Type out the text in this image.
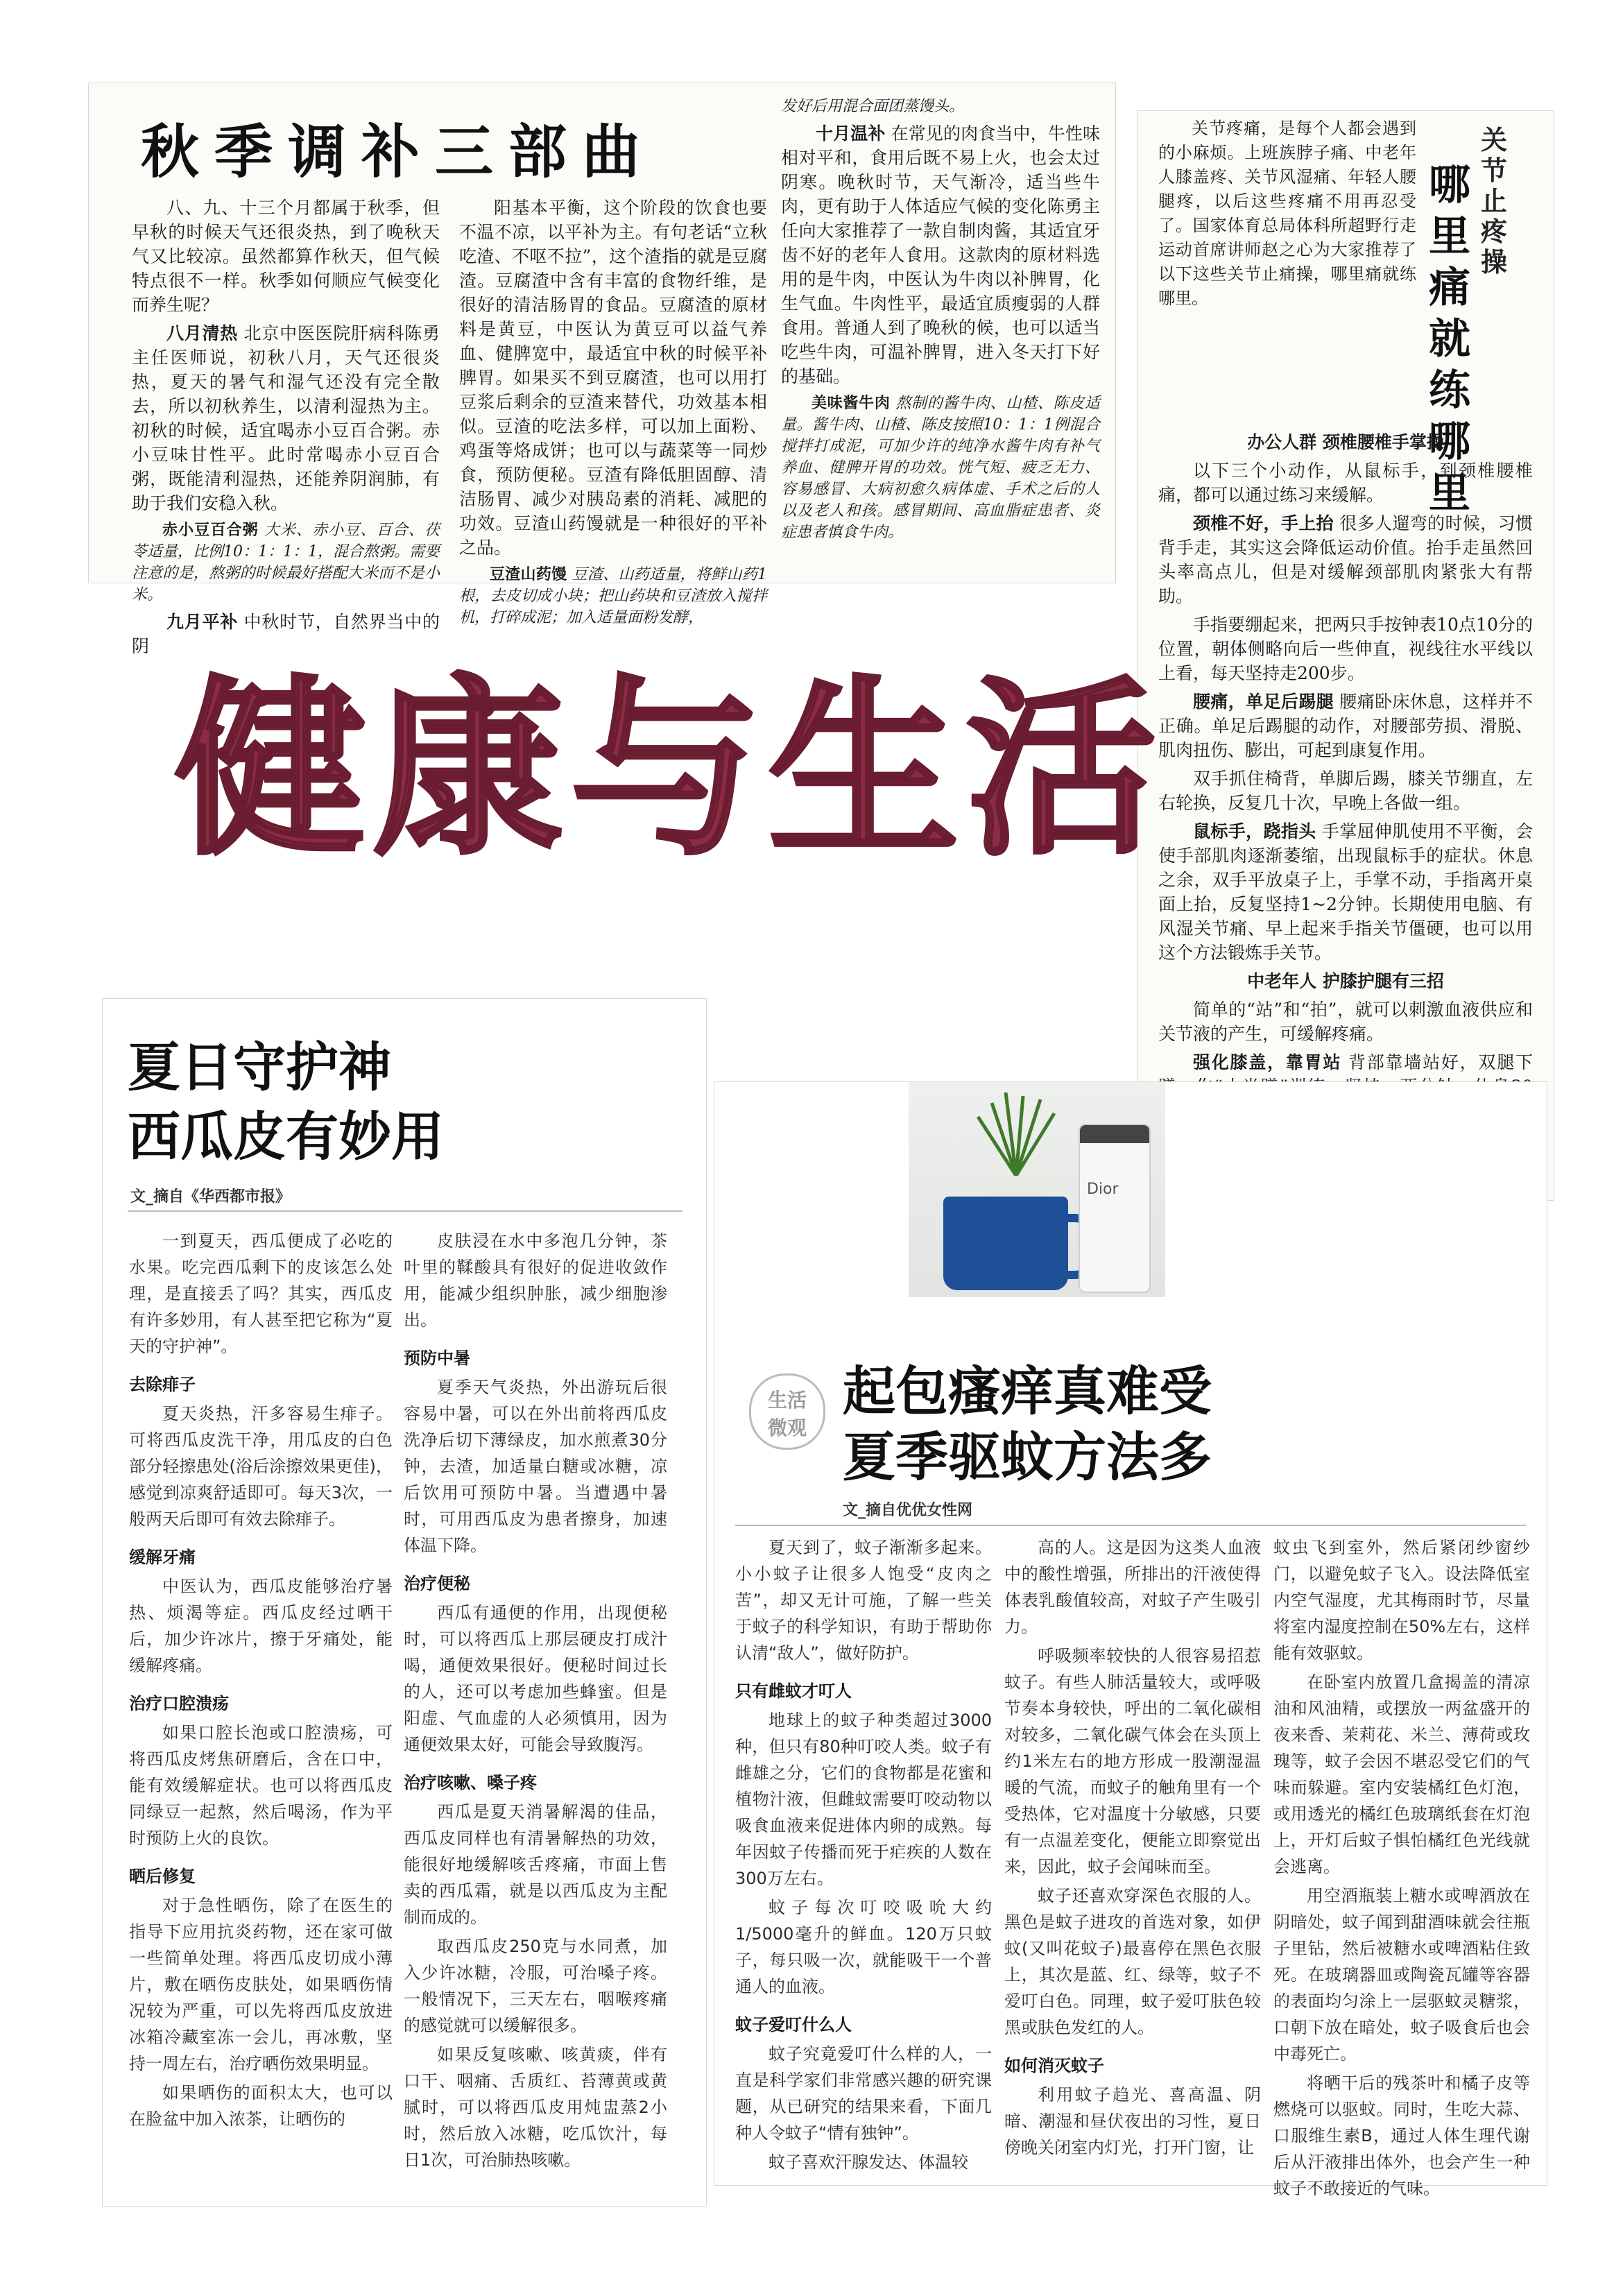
秋季调补三部曲

八、九、十三个月都属于秋季，但早秋的时候天气还很炎热，到了晚秋天气又比较凉。虽然都算作秋天，但气候特点很不一样。秋季如何顺应气候变化而养生呢？

八月清热 北京中医医院肝病科陈勇主任医师说，初秋八月，天气还很炎热，夏天的暑气和湿气还没有完全散去，所以初秋养生，以清利湿热为主。初秋的时候，适宜喝赤小豆百合粥。赤小豆味甘性平。此时常喝赤小豆百合粥，既能清利湿热，还能养阴润肺，有助于我们安稳入秋。

赤小豆百合粥 大米、赤小豆、百合、茯苓适量，比例10：1：1：1，混合熬粥。需要注意的是，熬粥的时候最好搭配大米而不是小米。

九月平补 中秋时节，自然界当中的阴

阳基本平衡，这个阶段的饮食也要不温不凉，以平补为主。有句老话“立秋吃渣、不呕不拉”，这个渣指的就是豆腐渣。豆腐渣中含有丰富的食物纤维，是很好的清洁肠胃的食品。豆腐渣的原材料是黄豆，中医认为黄豆可以益气养血、健脾宽中，最适宜中秋的时候平补脾胃。如果买不到豆腐渣，也可以用打豆浆后剩余的豆渣来替代，功效基本相似。豆渣的吃法多样，可以加上面粉、鸡蛋等烙成饼；也可以与蔬菜等一同炒食，预防便秘。豆渣有降低胆固醇、清洁肠胃、减少对胰岛素的消耗、减肥的功效。豆渣山药馒就是一种很好的平补之品。

豆渣山药馒 豆渣、山药适量，将鲜山药1根，去皮切成小块；把山药块和豆渣放入搅拌机，打碎成泥；加入适量面粉发酵，

发好后用混合面团蒸馒头。

十月温补 在常见的肉食当中，牛性味相对平和，食用后既不易上火，也会太过阴寒。晚秋时节，天气渐冷，适当些牛肉，更有助于人体适应气候的变化陈勇主任向大家推荐了一款自制肉酱，其适宜牙齿不好的老年人食用。这款肉的原材料选用的是牛肉，中医认为牛肉以补脾胃，化生气血。牛肉性平，最适宜质瘦弱的人群食用。普通人到了晚秋的候，也可以适当吃些牛肉，可温补脾胃，进入冬天打下好的基础。

美味酱牛肉 熬制的酱牛肉、山楂、陈皮适量。酱牛肉、山楂、陈皮按照10：1：1例混合搅拌打成泥，可加少许的纯净水酱牛肉有补气养血、健脾开胃的功效。恍气短、疲乏无力、容易感冒、大病初愈久病体虚、手术之后的人以及老人和孩。感冒期间、高血脂症患者、炎症患者慎食牛肉。

关节止疼操
哪里痛就练哪里
关节疼痛，是每个人都会遇到的小麻烦。上班族脖子痛、中老年人膝盖疼、关节风湿痛、年轻人腰腿疼，以后这些疼痛不用再忍受了。国家体育总局体科所超野行走运动首席讲师赵之心为大家推荐了以下这些关节止痛操，哪里痛就练哪里。

办公人群 颈椎腰椎手掌操

以下三个小动作，从鼠标手，到颈椎腰椎痛，都可以通过练习来缓解。

颈椎不好，手上抬 很多人遛弯的时候，习惯背手走，其实这会降低运动价值。抬手走虽然回头率高点儿，但是对缓解颈部肌肉紧张大有帮助。

手指要绷起来，把两只手按钟表10点10分的位置，朝体侧略向后一些伸直，视线往水平线以上看，每天坚持走200步。

腰痛，单足后踢腿 腰痛卧床休息，这样并不正确。单足后踢腿的动作，对腰部劳损、滑脱、肌肉扭伤、膨出，可起到康复作用。

双手抓住椅背，单脚后踢，膝关节绷直，左右轮换，反复几十次，早晚上各做一组。

鼠标手，跷指头 手掌屈伸肌使用不平衡，会使手部肌肉逐渐萎缩，出现鼠标手的症状。休息之余，双手平放桌子上，手掌不动，手指离开桌面上抬，反复坚持1~2分钟。长期使用电脑、有风湿关节痛、早上起来手指关节僵硬，也可以用这个方法锻炼手关节。

中老年人 护膝护腿有三招

简单的“站”和“拍”，就可以刺激血液供应和关节液的产生，可缓解疼痛。

强化膝盖，靠胃站 背部靠墙站好，双腿下

健康与生活
夏日守护神
西瓜皮有妙用
文_摘自《华西都市报》

一到夏天，西瓜便成了必吃的水果。吃完西瓜剩下的皮该怎么处理，是直接丢了吗？其实，西瓜皮有许多妙用，有人甚至把它称为“夏天的守护神”。

去除痱子

夏天炎热，汗多容易生痱子。可将西瓜皮洗干净，用瓜皮的白色部分轻擦患处(浴后涂擦效果更佳)，感觉到凉爽舒适即可。每天3次，一般两天后即可有效去除痱子。

缓解牙痛

中医认为，西瓜皮能够治疗暑热、烦渴等症。西瓜皮经过晒干后，加少许冰片，擦于牙痛处，能缓解疼痛。

治疗口腔溃疡

如果口腔长泡或口腔溃疡，可将西瓜皮烤焦研磨后，含在口中，能有效缓解症状。也可以将西瓜皮同绿豆一起熬，然后喝汤，作为平时预防上火的良饮。

晒后修复

对于急性晒伤，除了在医生的指导下应用抗炎药物，还在家可做一些简单处理。将西瓜皮切成小薄片，敷在晒伤皮肤处，如果晒伤情况较为严重，可以先将西瓜皮放进冰箱冷藏室冻一会儿，再冰敷，坚持一周左右，治疗晒伤效果明显。

如果晒伤的面积太大，也可以在脸盆中加入浓茶，让晒伤的

皮肤浸在水中多泡几分钟，茶叶里的鞣酸具有很好的促进收敛作用，能减少组织肿胀，减少细胞渗出。

预防中暑

夏季天气炎热，外出游玩后很容易中暑，可以在外出前将西瓜皮洗净后切下薄绿皮，加水煎煮30分钟，去渣，加适量白糖或冰糖，凉后饮用可预防中暑。当遭遇中暑时，可用西瓜皮为患者擦身，加速体温下降。

治疗便秘

西瓜有通便的作用，出现便秘时，可以将西瓜上那层硬皮打成汁喝，通便效果很好。便秘时间过长的人，还可以考虑加些蜂蜜。但是阳虚、气血虚的人必须慎用，因为通便效果太好，可能会导致腹泻。

治疗咳嗽、嗓子疼

西瓜是夏天消暑解渴的佳品，西瓜皮同样也有清暑解热的功效，能很好地缓解咳舌疼痛，市面上售卖的西瓜霜，就是以西瓜皮为主配制而成的。

取西瓜皮250克与水同煮，加入少许冰糖，冷服，可治嗓子疼。一般情况下，三天左右，咽喉疼痛的感觉就可以缓解很多。

如果反复咳嗽、咳黄痰，伴有口干、咽痛、舌质红、苔薄黄或黄腻时，可以将西瓜皮用炖盅蒸2小时，然后放入冰糖，吃瓜饮汁，每日1次，可治肺热咳嗽。

Dior
生活
微观
起包瘙痒真难受
夏季驱蚊方法多
文_摘自优优女性网

夏天到了，蚊子渐渐多起来。小小蚊子让很多人饱受“皮肉之苦”，却又无计可施，了解一些关于蚊子的科学知识，有助于帮助你认清“敌人”，做好防护。

只有雌蚊才叮人

地球上的蚊子种类超过3000种，但只有80种叮咬人类。蚊子有雌雄之分，它们的食物都是花蜜和植物汁液，但雌蚊需要叮咬动物以吸食血液来促进体内卵的成熟。每年因蚊子传播而死于疟疾的人数在300万左右。

蚊子每次叮咬吸吮大约1/5000毫升的鲜血。120万只蚊子，每只吸一次，就能吸干一个普通人的血液。

蚊子爱叮什么人

蚊子究竟爱叮什么样的人，一直是科学家们非常感兴趣的研究课题，从已研究的结果来看，下面几种人令蚊子“情有独钟”。

蚊子喜欢汗腺发达、体温较

高的人。这是因为这类人血液中的酸性增强，所排出的汗液使得体表乳酸值较高，对蚊子产生吸引力。

呼吸频率较快的人很容易招惹蚊子。有些人肺活量较大，或呼吸节奏本身较快，呼出的二氧化碳相对较多，二氧化碳气体会在头顶上约1米左右的地方形成一股潮湿温暖的气流，而蚊子的触角里有一个受热体，它对温度十分敏感，只要有一点温差变化，便能立即察觉出来，因此，蚊子会闻味而至。

蚊子还喜欢穿深色衣服的人。黑色是蚊子进攻的首选对象，如伊蚊(又叫花蚊子)最喜停在黑色衣服上，其次是蓝、红、绿等，蚊子不爱叮白色。同理，蚊子爱叮肤色较黑或肤色发红的人。

如何消灭蚊子

利用蚊子趋光、喜高温、阴暗、潮湿和昼伏夜出的习性，夏日傍晚关闭室内灯光，打开门窗，让

蚊虫飞到室外，然后紧闭纱窗纱门，以避免蚊子飞入。设法降低室内空气湿度，尤其梅雨时节，尽量将室内湿度控制在50%左右，这样能有效驱蚊。

在卧室内放置几盒揭盖的清凉油和风油精，或摆放一两盆盛开的夜来香、茉莉花、米兰、薄荷或玫瑰等，蚊子会因不堪忍受它们的气味而躲避。室内安装橘红色灯泡，或用透光的橘红色玻璃纸套在灯泡上，开灯后蚊子惧怕橘红色光线就会逃离。

用空酒瓶装上糖水或啤酒放在阴暗处，蚊子闻到甜酒味就会往瓶子里钻，然后被糖水或啤酒粘住致死。在玻璃器皿或陶瓷瓦罐等容器的表面均匀涂上一层驱蚊灵糖浆，口朝下放在暗处，蚊子吸食后也会中毒死亡。

将晒干后的残茶叶和橘子皮等燃烧可以驱蚊。同时，生吃大蒜、口服维生素B，通过人体生理代谢后从汗液排出体外，也会产生一种蚊子不敢接近的气味。
